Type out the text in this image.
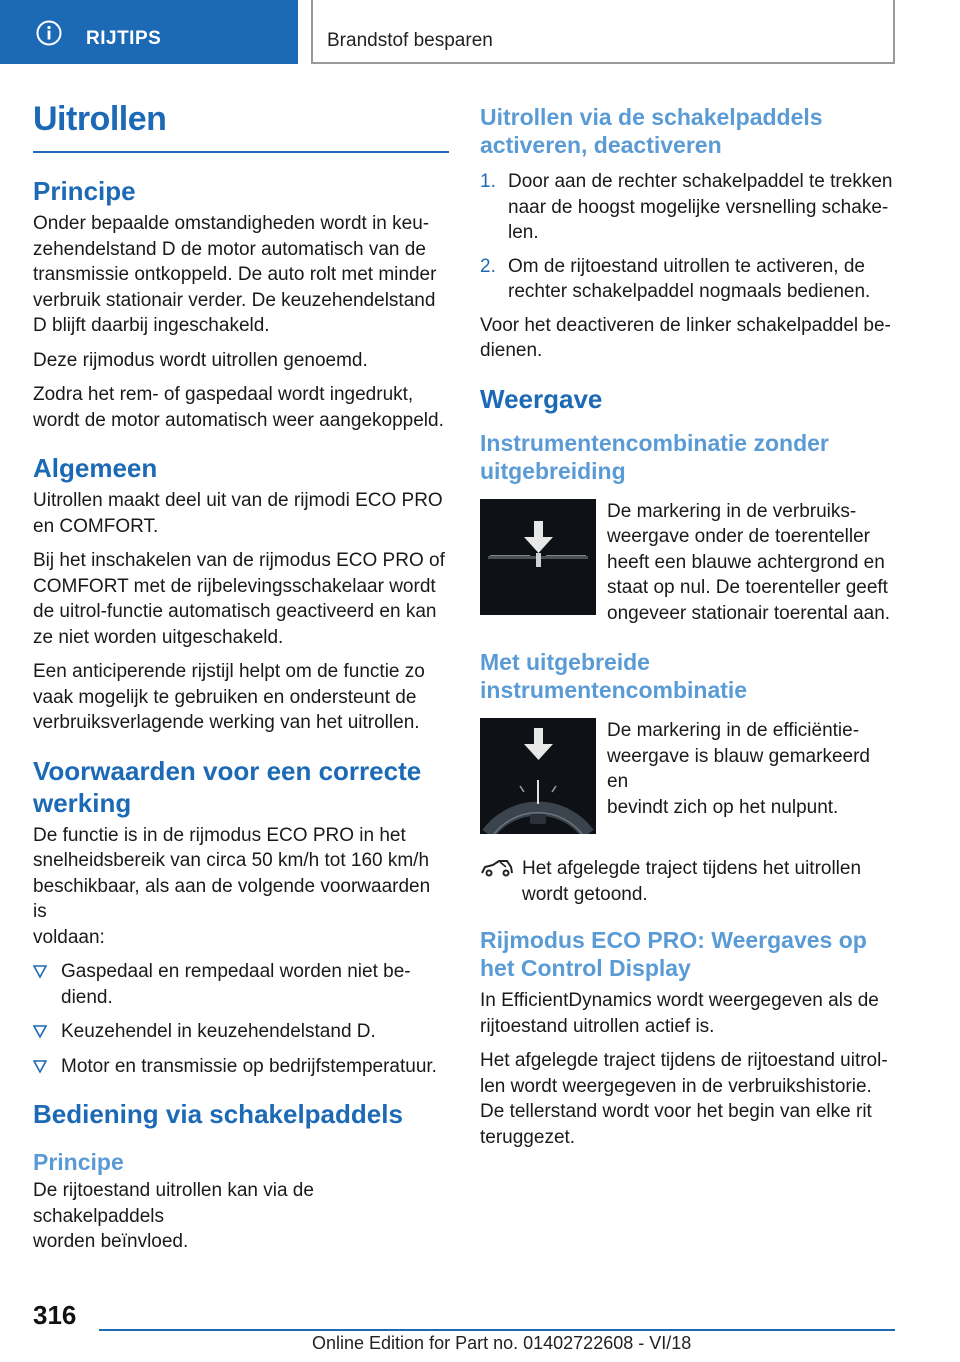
RIJTIPS	Brandstof besparen
Uitrollen
Principe

Onder bepaalde omstandigheden wordt in keu-
zehendelstand D de motor automatisch van de
transmissie ontkoppeld. De auto rolt met minder
verbruik stationair verder. De keuzehendelstand
D blijft daarbij ingeschakeld.

Deze rijmodus wordt uitrollen genoemd.

Zodra het rem- of gaspedaal wordt ingedrukt,
wordt de motor automatisch weer aangekoppeld.

Algemeen

Uitrollen maakt deel uit van de rijmodi ECO PRO
en COMFORT.

Bij het inschakelen van de rijmodus ECO PRO of
COMFORT met de rijbelevingsschakelaar wordt
de uitrol-functie automatisch geactiveerd en kan
ze niet worden uitgeschakeld.

Een anticiperende rijstijl helpt om de functie zo
vaak mogelijk te gebruiken en ondersteunt de
verbruiksverlagende werking van het uitrollen.

Voorwaarden voor een correcte
werking

De functie is in de rijmodus ECO PRO in het
snelheidsbereik van circa 50 km/h tot 160 km/h
beschikbaar, als aan de volgende voorwaarden is
voldaan:

Gaspedaal en rempedaal worden niet be-
diend.
Keuzehendel in keuzehendelstand D.
Motor en transmissie op bedrijfstemperatuur.
Bediening via schakelpaddels
Principe

De rijtoestand uitrollen kan via de schakelpaddels
worden beïnvloed.

Uitrollen via de schakelpaddels
activeren, deactiveren
1. Door aan de rechter schakelpaddel te trekken
naar de hoogst mogelijke versnelling schake-
len.
2. Om de rijtoestand uitrollen te activeren, de
rechter schakelpaddel nogmaals bedienen.

Voor het deactiveren de linker schakelpaddel be-
dienen.

Weergave
Instrumentencombinatie zonder
uitgebreiding
De markering in de verbruiks-
weergave onder de toerenteller
heeft een blauwe achtergrond en
staat op nul. De toerenteller geeft
ongeveer stationair toerental aan.
Met uitgebreide
instrumentencombinatie
De markering in de efficiëntie-
weergave is blauw gemarkeerd en
bevindt zich op het nulpunt.

Het afgelegde traject tijdens het uitrollen
wordt getoond.

Rijmodus ECO PRO: Weergaves op
het Control Display

In EfficientDynamics wordt weergegeven als de
rijtoestand uitrollen actief is.

Het afgelegde traject tijdens de rijtoestand uitrol-
len wordt weergegeven in de verbruikshistorie.
De tellerstand wordt voor het begin van elke rit
teruggezet.

316
Online Edition for Part no. 01402722608 - VI/18
